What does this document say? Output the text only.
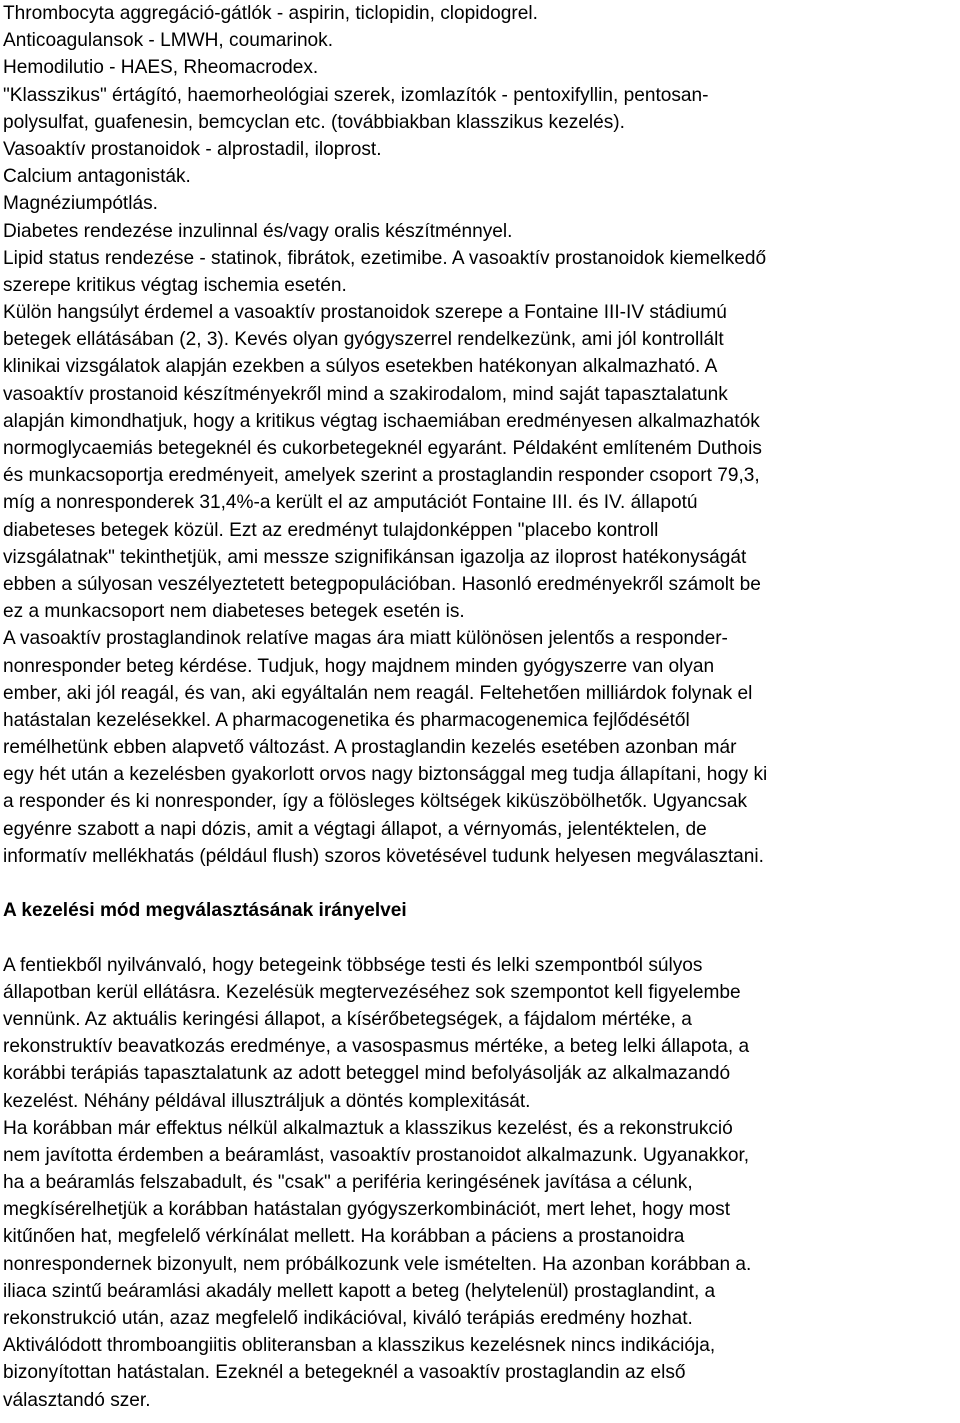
Thrombocyta aggregáció-gátlók - aspirin, ticlopidin, clopidogrel.
Anticoagulansok - LMWH, coumarinok.
Hemodilutio - HAES, Rheomacrodex.
"Klasszikus" értágító, haemorheológiai szerek, izomlazítók - pentoxifyllin, pentosan-
polysulfat, guafenesin, bemcyclan etc. (továbbiakban klasszikus kezelés).
Vasoaktív prostanoidok - alprostadil, iloprost.
Calcium antagonisták.
Magnéziumpótlás.
Diabetes rendezése inzulinnal és/vagy oralis készítménnyel.
Lipid status rendezése - statinok, fibrátok, ezetimibe. A vasoaktív prostanoidok kiemelkedő
szerepe kritikus végtag ischemia esetén.
Külön hangsúlyt érdemel a vasoaktív prostanoidok szerepe a Fontaine III-IV stádiumú
betegek ellátásában (2, 3). Kevés olyan gyógyszerrel rendelkezünk, ami jól kontrollált
klinikai vizsgálatok alapján ezekben a súlyos esetekben hatékonyan alkalmazható. A
vasoaktív prostanoid készítményekről mind a szakirodalom, mind saját tapasztalatunk
alapján kimondhatjuk, hogy a kritikus végtag ischaemiában eredményesen alkalmazhatók
normoglycaemiás betegeknél és cukorbetegeknél egyaránt. Példaként említeném Duthois
és munkacsoportja eredményeit, amelyek szerint a prostaglandin responder csoport 79,3,
míg a nonresponderek 31,4%-a került el az amputációt Fontaine III. és IV. állapotú
diabeteses betegek közül. Ezt az eredményt tulajdonképpen "placebo kontroll
vizsgálatnak" tekinthetjük, ami messze szignifikánsan igazolja az iloprost hatékonyságát
ebben a súlyosan veszélyeztetett betegpopulációban. Hasonló eredményekről számolt be
ez a munkacsoport nem diabeteses betegek esetén is.
A vasoaktív prostaglandinok relatíve magas ára miatt különösen jelentős a responder-
nonresponder beteg kérdése. Tudjuk, hogy majdnem minden gyógyszerre van olyan
ember, aki jól reagál, és van, aki egyáltalán nem reagál. Feltehetően milliárdok folynak el
hatástalan kezelésekkel. A pharmacogenetika és pharmacogenemica fejlődésétől
remélhetünk ebben alapvető változást. A prostaglandin kezelés esetében azonban már
egy hét után a kezelésben gyakorlott orvos nagy biztonsággal meg tudja állapítani, hogy ki
a responder és ki nonresponder, így a fölösleges költségek kiküszöbölhetők. Ugyancsak
egyénre szabott a napi dózis, amit a végtagi állapot, a vérnyomás, jelentéktelen, de
informatív mellékhatás (például flush) szoros követésével tudunk helyesen megválasztani.
A kezelési mód megválasztásának irányelvei
A fentiekből nyilvánvaló, hogy betegeink többsége testi és lelki szempontból súlyos
állapotban kerül ellátásra. Kezelésük megtervezéséhez sok szempontot kell figyelembe
vennünk. Az aktuális keringési állapot, a kísérőbetegségek, a fájdalom mértéke, a
rekonstruktív beavatkozás eredménye, a vasospasmus mértéke, a beteg lelki állapota, a
korábbi terápiás tapasztalatunk az adott beteggel mind befolyásolják az alkalmazandó
kezelést. Néhány példával illusztráljuk a döntés komplexitását.
Ha korábban már effektus nélkül alkalmaztuk a klasszikus kezelést, és a rekonstrukció
nem javította érdemben a beáramlást, vasoaktív prostanoidot alkalmazunk. Ugyanakkor,
ha a beáramlás felszabadult, és "csak" a periféria keringésének javítása a célunk,
megkísérelhetjük a korábban hatástalan gyógyszerkombinációt, mert lehet, hogy most
kitűnően hat, megfelelő vérkínálat mellett. Ha korábban a páciens a prostanoidra
nonrespondernek bizonyult, nem próbálkozunk vele ismételten. Ha azonban korábban a.
iliaca szintű beáramlási akadály mellett kapott a beteg (helytelenül) prostaglandint, a
rekonstrukció után, azaz megfelelő indikációval, kiváló terápiás eredmény hozhat.
Aktiválódott thromboangiitis obliteransban a klasszikus kezelésnek nincs indikációja,
bizonyítottan hatástalan. Ezeknél a betegeknél a vasoaktív prostaglandin az első
választandó szer.
